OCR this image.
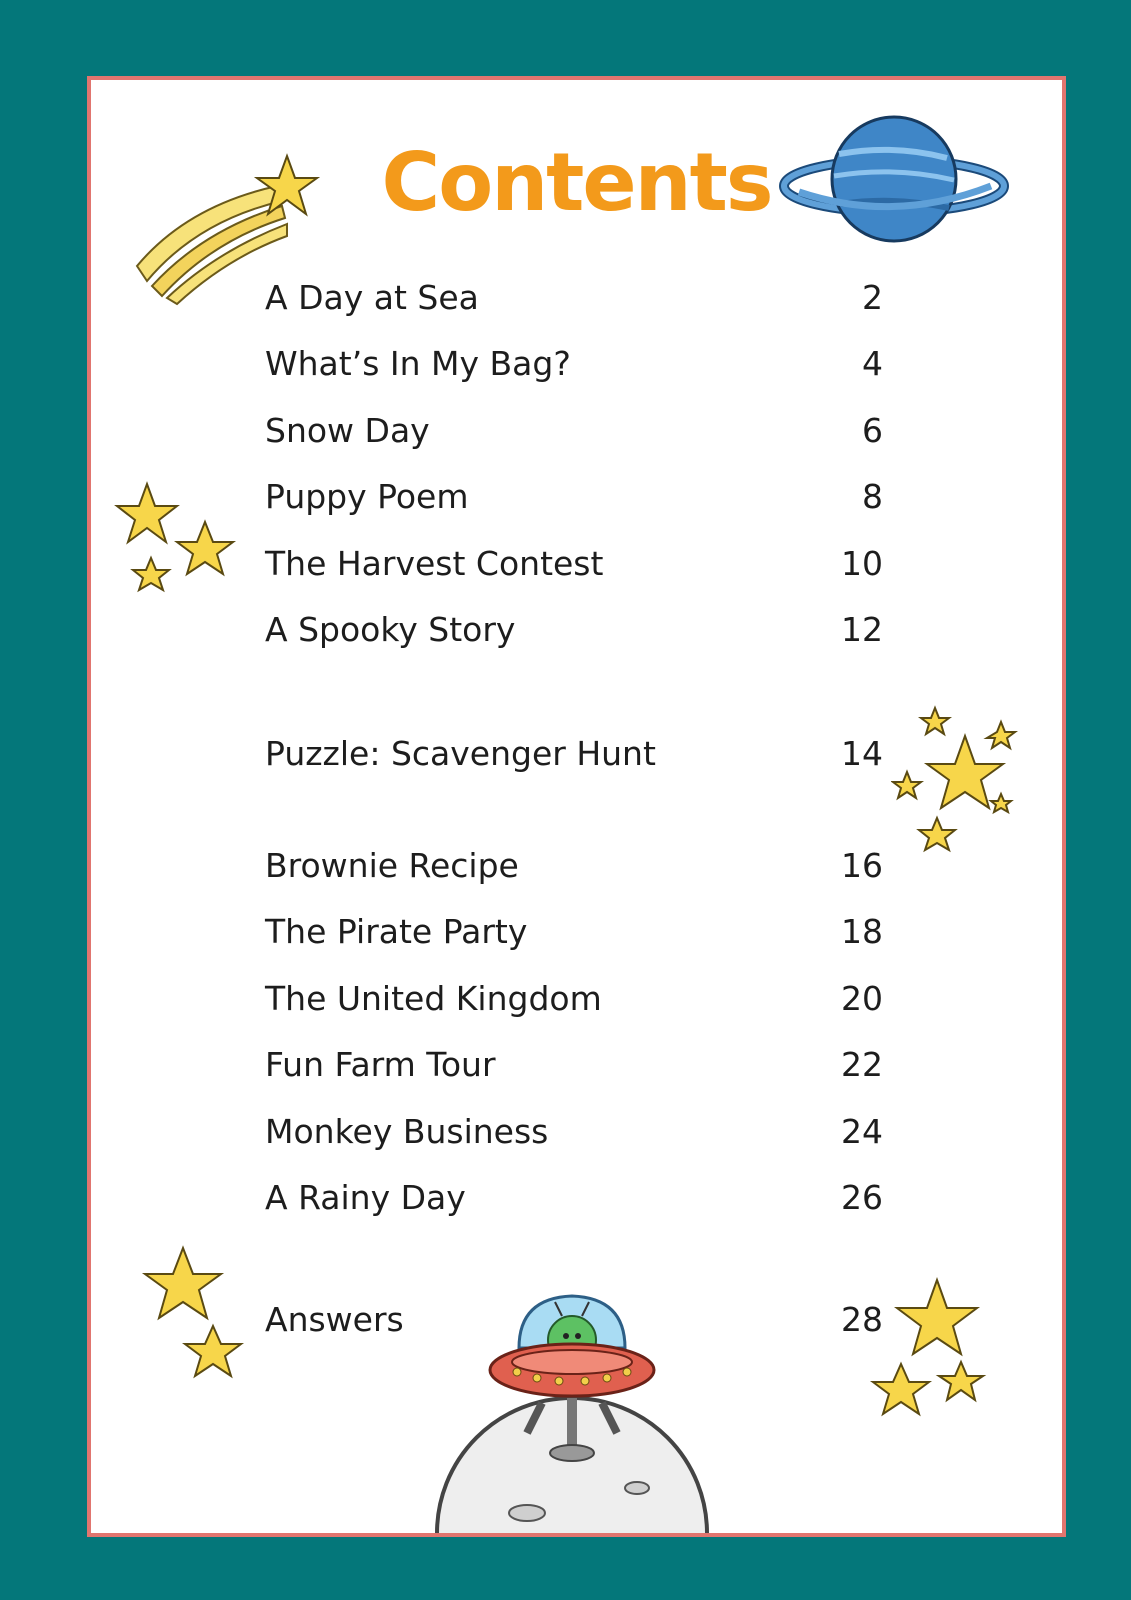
Contents
A Day at Sea	2
What’s In My Bag?	4
Snow Day	6
Puppy Poem	8
The Harvest Contest	10
A Spooky Story	12
Puzzle: Scavenger Hunt	14
Brownie Recipe	16
The Pirate Party	18
The United Kingdom	20
Fun Farm Tour	22
Monkey Business	24
A Rainy Day	26
Answers	28
